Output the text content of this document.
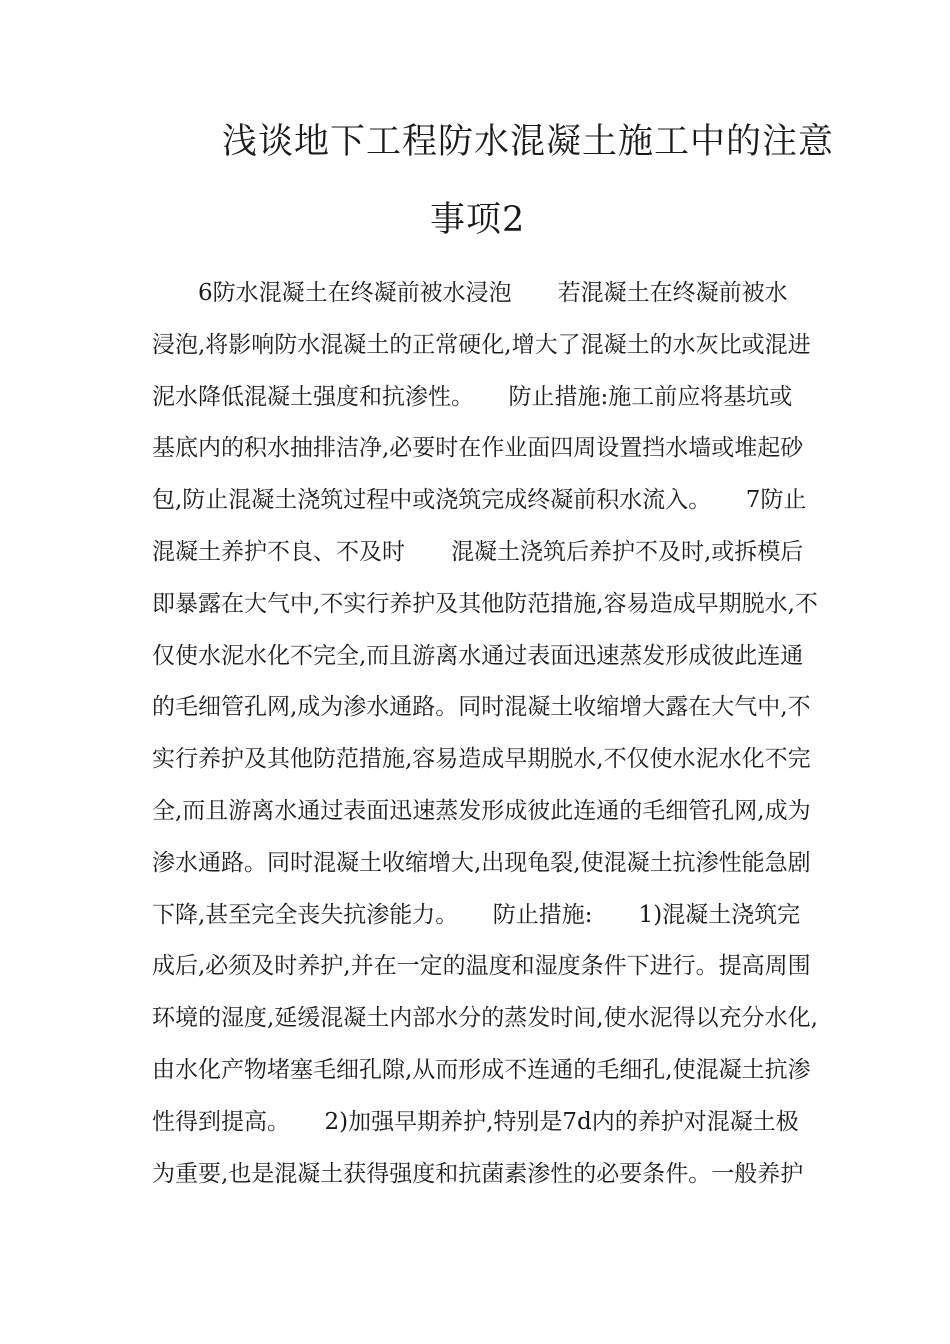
浅谈地下工程防水混凝土施工中的注意
事项2
　　6防水混凝土在终凝前被水浸泡　　若混凝土在终凝前被水
浸泡,将影响防水混凝土的正常硬化,增大了混凝土的水灰比或混进
泥水降低混凝土强度和抗渗性。　　防止措施:施工前应将基坑或
基底内的积水抽排洁净,必要时在作业面四周设置挡水墙或堆起砂
包,防止混凝土浇筑过程中或浇筑完成终凝前积水流入。　　7防止
混凝土养护不良、不及时　　混凝土浇筑后养护不及时,或拆模后
即暴露在大气中,不实行养护及其他防范措施,容易造成早期脱水,不
仅使水泥水化不完全,而且游离水通过表面迅速蒸发形成彼此连通
的毛细管孔网,成为渗水通路。同时混凝土收缩增大露在大气中,不
实行养护及其他防范措施,容易造成早期脱水,不仅使水泥水化不完
全,而且游离水通过表面迅速蒸发形成彼此连通的毛细管孔网,成为
渗水通路。同时混凝土收缩增大,出现龟裂,使混凝土抗渗性能急剧
下降,甚至完全丧失抗渗能力。　　防止措施:　　1)混凝土浇筑完
成后,必须及时养护,并在一定的温度和湿度条件下进行。提高周围
环境的湿度,延缓混凝土内部水分的蒸发时间,使水泥得以充分水化,
由水化产物堵塞毛细孔隙,从而形成不连通的毛细孔,使混凝土抗渗
性得到提高。　　2)加强早期养护,特别是7d内的养护对混凝土极
为重要,也是混凝土获得强度和抗菌素渗性的必要条件。一般养护
